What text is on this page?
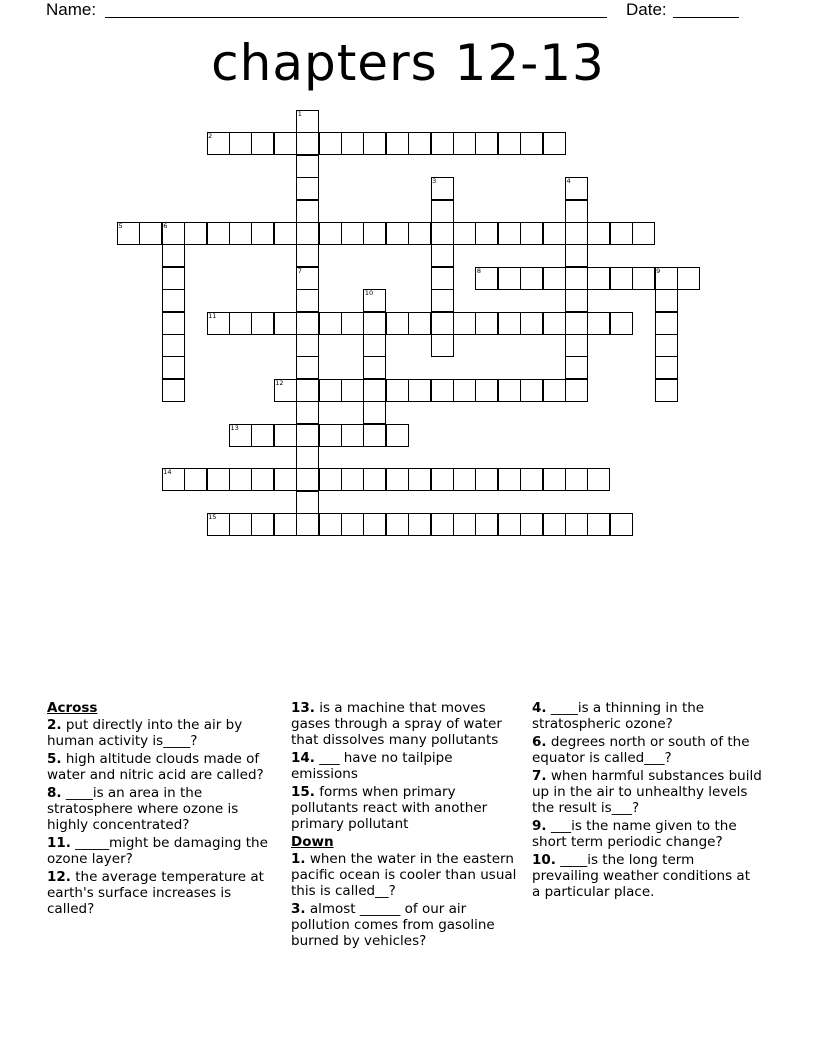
Name:	Date:
chapters 12-13
1
2
3	4
5	6
7	8	9
10
11
12
13
14
15
Across
2. put directly into the air by human activity is____?
5. high altitude clouds made of water and nitric acid are called?
8. ____is an area in the stratosphere where ozone is highly concentrated?
11. _____might be damaging the ozone layer?
12. the average temperature at earth's surface increases is called?
13. is a machine that moves gases through a spray of water that dissolves many pollutants
14. ___ have no tailpipe emissions
15. forms when primary pollutants react with another primary pollutant
Down
1. when the water in the eastern pacific ocean is cooler than usual this is called__?
3. almost ______ of our air pollution comes from gasoline burned by vehicles?
4. ____is a thinning in the stratospheric ozone?
6. degrees north or south of the equator is called___?
7. when harmful substances build up in the air to unhealthy levels the result is___?
9. ___is the name given to the short term periodic change?
10. ____is the long term prevailing weather conditions at a particular place.
